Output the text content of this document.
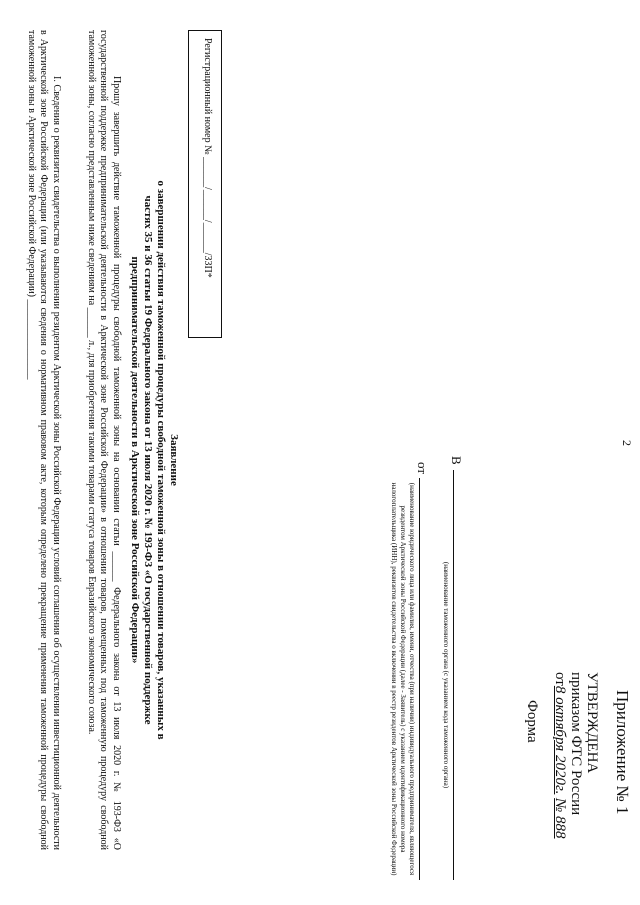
2
Приложение № 1
УТВЕРЖДЕНА
приказом ФТС России
от8 октября 2020г. № 888
Форма
В
(наименование таможенного органа (с указанием кода таможенного органа)
от
(наименование юридического лица или фамилия, имени, отчества (при наличии) индивидуального предпринимателя, являющегося резидентом Арктической зоны Российской Федерации (далее - Заявитель) с указанием идентификационного номера налогоплательщика (ИНН), реквизитов свидетельства о включении в реестр резидентов Арктической зоны Российской Федерации)
Регистрационный номер № ______/______/______/ЗЗП*
Заявление
о завершении действия таможенной процедуры свободной таможенной зоны в отношении товаров, указанных в
частях 35 и 36 статьи 19 Федерального закона от 13 июля 2020 г. № 193-ФЗ «О государственной поддержке
предпринимательской деятельности в Арктической зоне Российской Федерации»

Прошу завершить действие таможенной процедуры свободной таможенной зоны на основании статьи ______ Федерального закона от 13 июля 2020 г. № 193-ФЗ «О государственной поддержке предпринимательской деятельности в Арктической зоне Российской Федерации» в отношении товаров, помещенных под таможенную процедуру свободной таможенной зоны, согласно представленным ниже сведениям на ______ л., для приобретения такими товарами статуса товаров Евразийского экономического союза.

I. Сведения о реквизитах свидетельства о выполнении резидентом Арктической зоны Российской Федерации условий соглашения об осуществлении инвестиционной деятельности в Арктической зоне Российской Федерации (или указываются сведения о нормативном правовом акте, которым определено прекращение применения таможенной процедуры свободной таможенной зоны в Арктической зоне Российской Федерации) ________________
